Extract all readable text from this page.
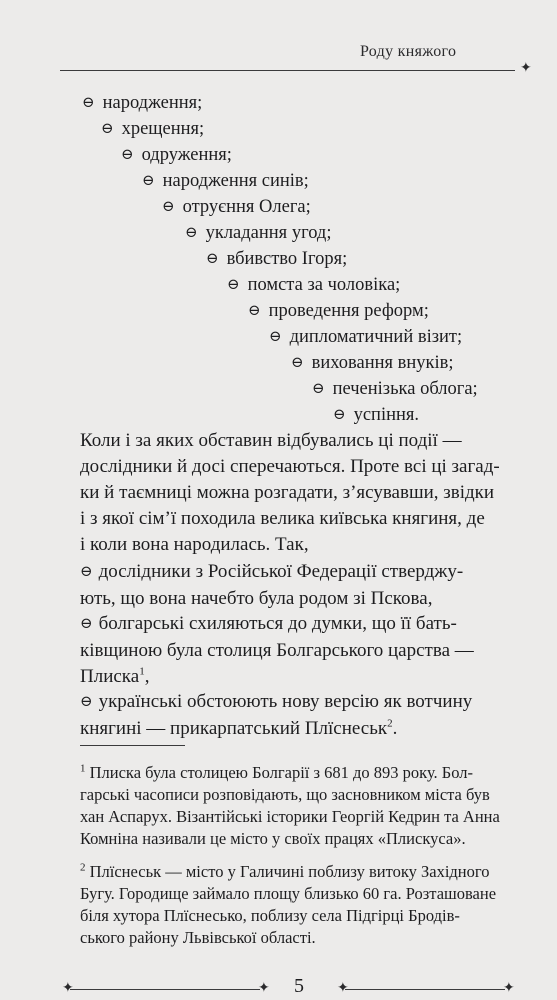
Роду княжого
✦
⊖ народження;
⊖ хрещення;
⊖ одруження;
⊖ народження синів;
⊖ отруєння Олега;
⊖ укладання угод;
⊖ вбивство Ігоря;
⊖ помста за чоловіка;
⊖ проведення реформ;
⊖ дипломатичний візит;
⊖ виховання внуків;
⊖ печенізька облога;
⊖ успіння.
Коли і за яких обставин відбувались ці події —
дослідники й досі сперечаються. Проте всі ці загад-
ки й таємниці можна розгадати, з’ясувавши, звідки
і з якої сім’ї походила велика київська княгиня, де
і коли вона народилась. Так,
⊖ дослідники з Російської Федерації стверджу-
ють, що вона начебто була родом зі Пскова,
⊖ болгарські схиляються до думки, що її бать-
ківщиною була столиця Болгарського царства —
Плиска$^1$,
⊖ українські обстоюють нову версію як вотчину
княгині — прикарпатський Плїснеськ$^2$.
$^1$ Плиска була столицею Болгарії з 681 до 893 року. Бол-
гарські часописи розповідають, що засновником міста був
хан Аспарух. Візантійські історики Георгій Кедрин та Анна
Комніна називали це місто у своїх працях «Плискуса».
$^2$ Плїснеськ — місто у Галичині поблизу витоку Західного
Бугу. Городище займало площу близько 60 га. Розташоване
біля хутора Плїснесько, поблизу села Підгірці Бродів-
ського району Львівської області.
✦	✦ 5 ✦	✦
